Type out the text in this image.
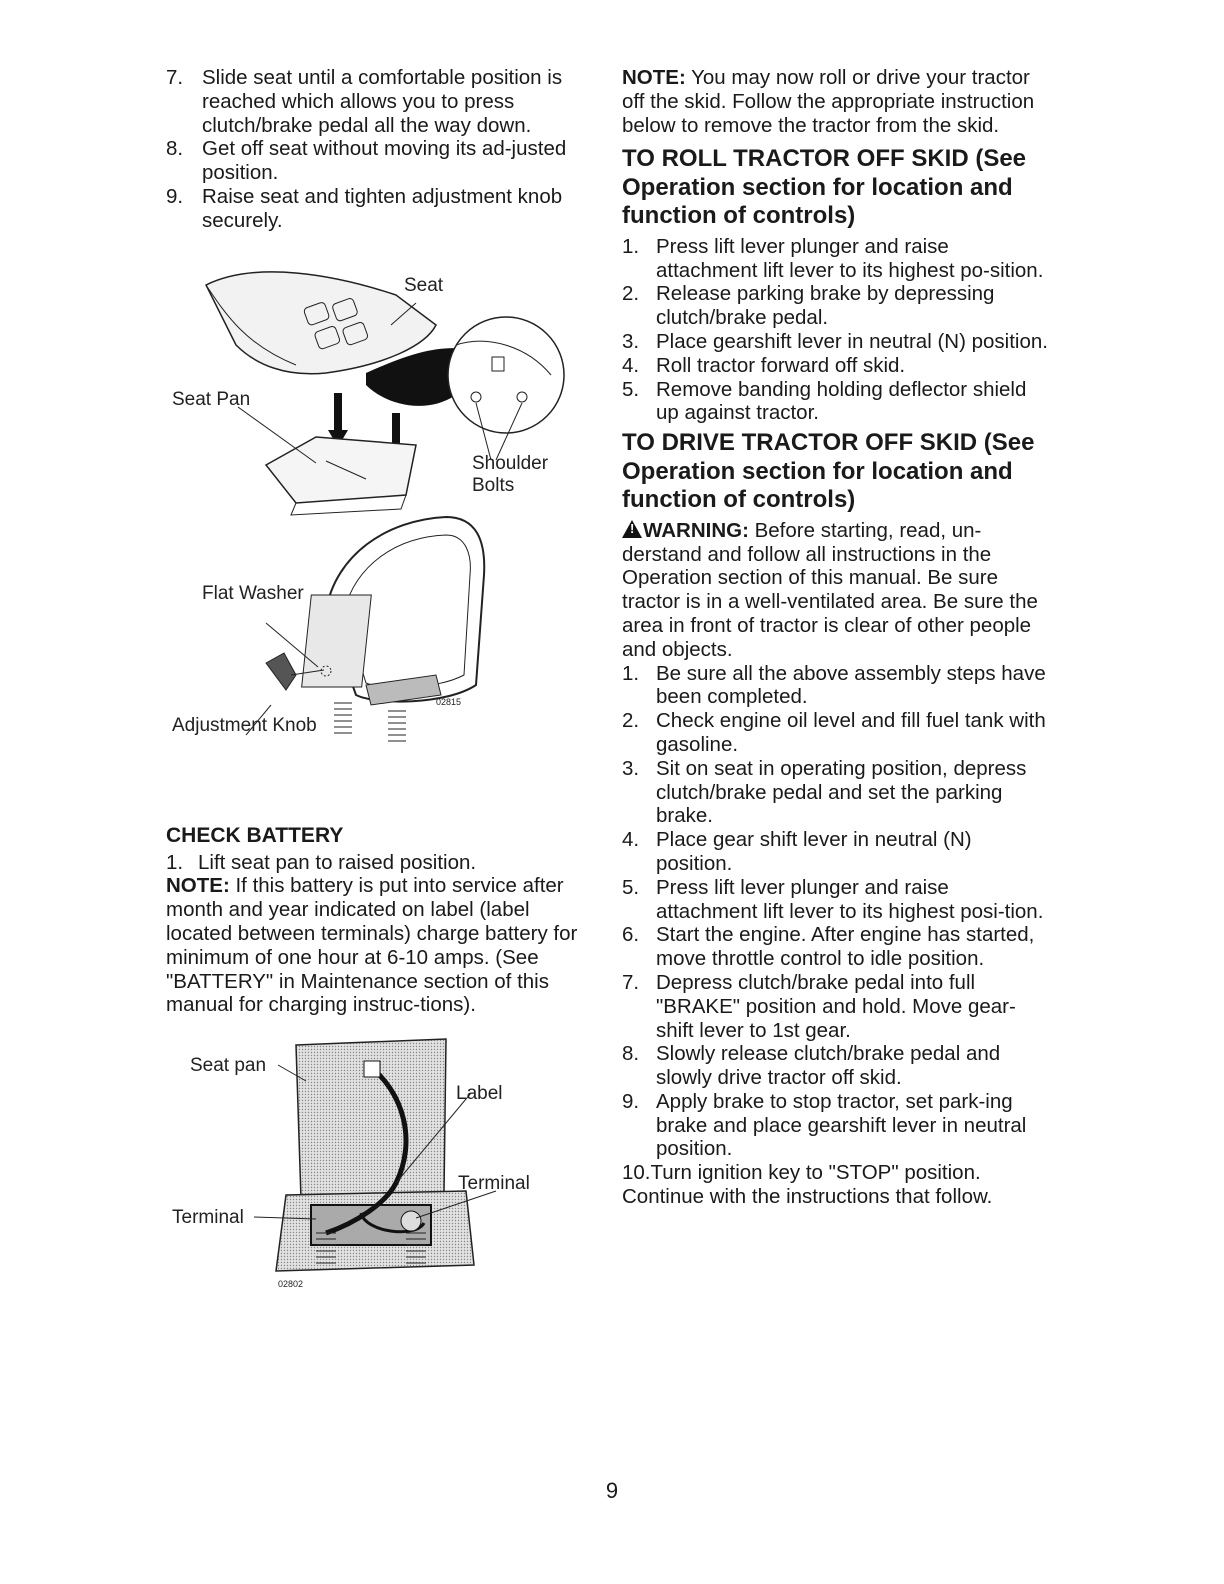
7. Slide seat until a comfortable position is reached which allows you to press clutch/brake pedal all the way down.
8. Get off seat without moving its ad-justed position.
9. Raise seat and tighten adjustment knob securely.
Seat
Seat Pan
Shoulder
Bolts
Flat Washer
Adjustment Knob
02815
CHECK BATTERY
1. Lift seat pan to raised position.

NOTE: If this battery is put into service after month and year indicated on label (label located between terminals) charge battery for minimum of one hour at 6-10 amps. (See "BATTERY" in Maintenance section of this manual for charging instruc-tions).

Seat pan
Label
Terminal
Terminal
02802

NOTE: You may now roll or drive your tractor off the skid. Follow the appropriate instruction below to remove the tractor from the skid.

TO ROLL TRACTOR OFF SKID (See Operation section for location and function of controls)
1. Press lift lever plunger and raise attachment lift lever to its highest po-sition.
2. Release parking brake by depressing clutch/brake pedal.
3. Place gearshift lever in neutral (N) position.
4. Roll tractor forward off skid.
5. Remove banding holding deflector shield up against tractor.
TO DRIVE TRACTOR OFF SKID (See Operation section for location and function of controls)

!WARNING: Before starting, read, un-derstand and follow all instructions in the Operation section of this manual. Be sure tractor is in a well-ventilated area. Be sure the area in front of tractor is clear of other people and objects.

1. Be sure all the above assembly steps have been completed.
2. Check engine oil level and fill fuel tank with gasoline.
3. Sit on seat in operating position, depress clutch/brake pedal and set the parking brake.
4. Place gear shift lever in neutral (N) position.
5. Press lift lever plunger and raise attachment lift lever to its highest posi-tion.
6. Start the engine. After engine has started, move throttle control to idle position.
7. Depress clutch/brake pedal into full "BRAKE" position and hold. Move gear-shift lever to 1st gear.
8. Slowly release clutch/brake pedal and slowly drive tractor off skid.
9. Apply brake to stop tractor, set park-ing brake and place gearshift lever in neutral position.

10.Turn ignition key to "STOP" position.

Continue with the instructions that follow.

9
